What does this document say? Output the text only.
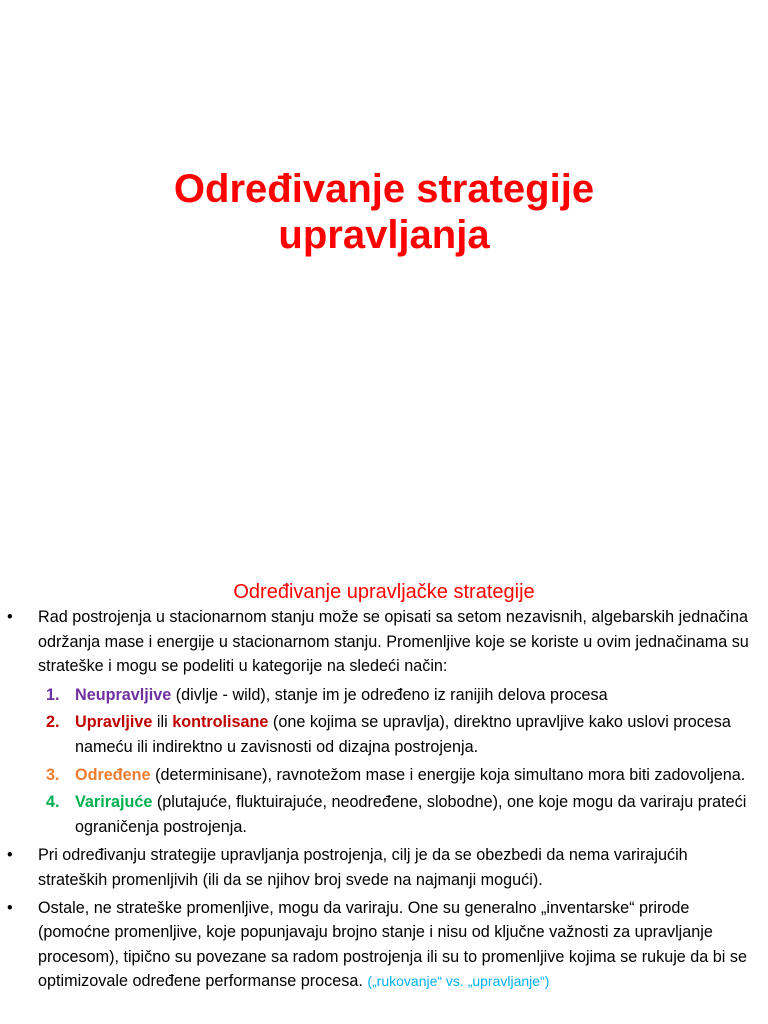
Određivanje strategije
upravljanja
Određivanje upravljačke strategije
• Rad postrojenja u stacionarnom stanju može se opisati sa setom nezavisnih, algebarskih jednačina održanja mase i energije u stacionarnom stanju. Promenljive koje se koriste u ovim jednačinama su strateške i mogu se podeliti u kategorije na sledeći način:
1. Neupravljive (divlje - wild), stanje im je određeno iz ranijih delova procesa
2. Upravljive ili kontrolisane (one kojima se upravlja), direktno upravljive kako uslovi procesa nameću ili indirektno u zavisnosti od dizajna postrojenja.
3. Određene (determinisane), ravnotežom mase i energije koja simultano mora biti zadovoljena.
4. Varirajuće (plutajuće, fluktuirajuće, neodređene, slobodne), one koje mogu da variraju prateći ograničenja postrojenja.
• Pri određivanju strategije upravljanja postrojenja, cilj je da se obezbedi da nema varirajućih strateških promenljivih (ili da se njihov broj svede na najmanji mogući).
• Ostale, ne strateške promenljive, mogu da variraju. One su generalno „inventarske“ prirode (pomoćne promenljive, koje popunjavaju brojno stanje i nisu od ključne važnosti za upravljanje procesom), tipično su povezane sa radom postrojenja ili su to promenljive kojima se rukuje da bi se optimizovale određene performanse procesa. („rukovanje“ vs. „upravljanje“)
